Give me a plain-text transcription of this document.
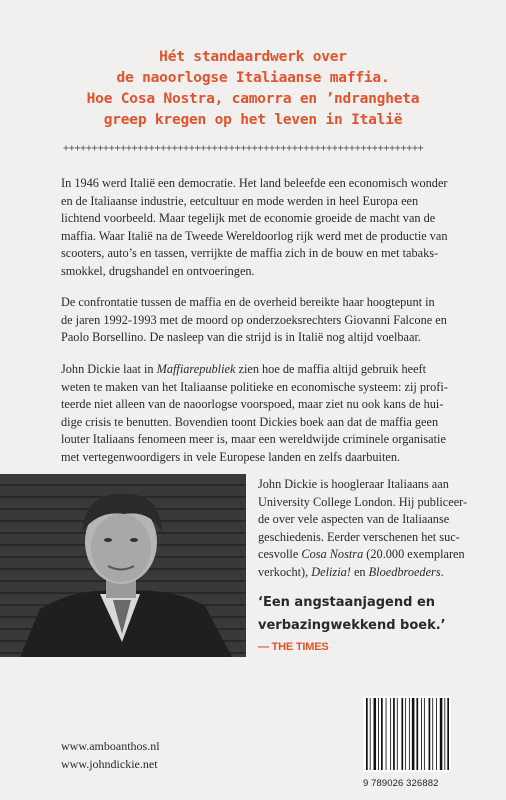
Hét standaardwerk over
de naoorlogse Italiaanse maffia.
Hoe Cosa Nostra, camorra en ’ndrangheta
greep kregen op het leven in Italië
+++++++++++++++++++++++++++++++++++++++++++++++++++++++++++++++
In 1946 werd Italië een democratie. Het land beleefde een economisch wonder
en de Italiaanse industrie, eetcultuur en mode werden in heel Europa een
lichtend voorbeeld. Maar tegelijk met de economie groeide de macht van de
maffia. Waar Italië na de Tweede Wereldoorlog rijk werd met de productie van
scooters, auto’s en tassen, verrijkte de maffia zich in de bouw en met tabaks-
smokkel, drugshandel en ontvoeringen.
De confrontatie tussen de maffia en de overheid bereikte haar hoogtepunt in
de jaren 1992-1993 met de moord op onderzoeksrechters Giovanni Falcone en
Paolo Borsellino. De nasleep van die strijd is in Italië nog altijd voelbaar.
John Dickie laat in Maffiarepubliek zien hoe de maffia altijd gebruik heeft
weten te maken van het Italiaanse politieke en economische systeem: zij profi-
teerde niet alleen van de naoorlogse voorspoed, maar ziet nu ook kans de hui-
dige crisis te benutten. Bovendien toont Dickies boek aan dat de maffia geen
louter Italiaans fenomeen meer is, maar een wereldwijde criminele organisatie
met vertegenwoordigers in vele Europese landen en zelfs daarbuiten.
John Dickie is hoogleraar Italiaans aan
University College London. Hij publiceer-
de over vele aspecten van de Italiaanse
geschiedenis. Eerder verschenen het suc-
cesvolle Cosa Nostra (20.000 exemplaren
verkocht), Delizia! en Bloedbroeders.
‘Een angstaanjagend en
verbazingwekkend boek.’
— THE TIMES
www.amboanthos.nl
www.johndickie.net
9 789026 326882
